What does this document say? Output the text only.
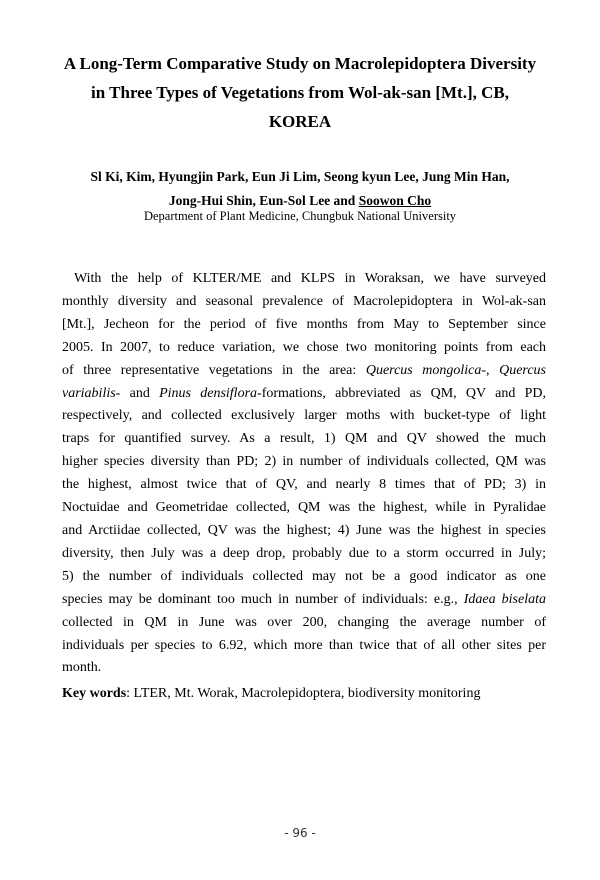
A Long-Term Comparative Study on Macrolepidoptera Diversity
in Three Types of Vegetations from Wol-ak-san [Mt.], CB,
KOREA
Sl Ki, Kim, Hyungjin Park, Eun Ji Lim, Seong kyun Lee, Jung Min Han,
Jong-Hui Shin, Eun-Sol Lee and Soowon Cho
Department of Plant Medicine, Chungbuk National University
With the help of KLTER/ME and KLPS in Woraksan, we have surveyed
monthly diversity and seasonal prevalence of Macrolepidoptera in Wol-ak-san
[Mt.], Jecheon for the period of five months from May to September since
2005. In 2007, to reduce variation, we chose two monitoring points from each
of three representative vegetations in the area: Quercus mongolica-, Quercus
variabilis- and Pinus densiflora-formations, abbreviated as QM, QV and PD,
respectively, and collected exclusively larger moths with bucket-type of light
traps for quantified survey. As a result, 1) QM and QV showed the much
higher species diversity than PD; 2) in number of individuals collected, QM was
the highest, almost twice that of QV, and nearly 8 times that of PD; 3) in
Noctuidae and Geometridae collected, QM was the highest, while in Pyralidae
and Arctiidae collected, QV was the highest; 4) June was the highest in species
diversity, then July was a deep drop, probably due to a storm occurred in July;
5) the number of individuals collected may not be a good indicator as one
species may be dominant too much in number of individuals: e.g., Idaea biselata
collected in QM in June was over 200, changing the average number of
individuals per species to 6.92, which more than twice that of all other sites per
month.
Key words: LTER, Mt. Worak, Macrolepidoptera, biodiversity monitoring
- 96 -
